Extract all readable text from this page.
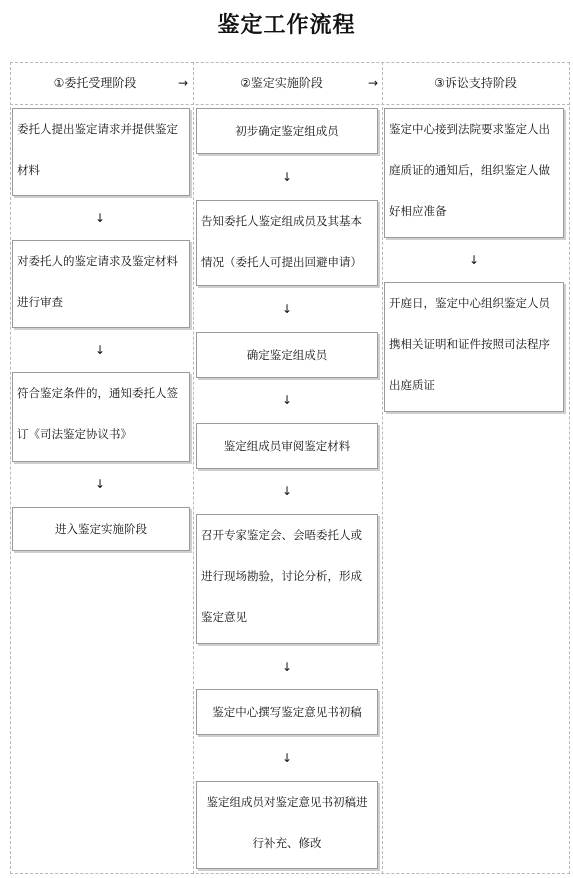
鉴定工作流程
①委托受理阶段	→	②鉴定实施阶段	→	③诉讼支持阶段
委托人提出鉴定请求并提供鉴定材料
↓
对委托人的鉴定请求及鉴定材料进行审查
↓
符合鉴定条件的，通知委托人签订《司法鉴定协议书》
↓
进入鉴定实施阶段
初步确定鉴定组成员
↓
告知委托人鉴定组成员及其基本情况（委托人可提出回避申请）
↓
确定鉴定组成员
↓
鉴定组成员审阅鉴定材料
↓
召开专家鉴定会、会晤委托人或进行现场勘验，讨论分析，形成鉴定意见
↓
鉴定中心撰写鉴定意见书初稿
↓
鉴定组成员对鉴定意见书初稿进行补充、修改
鉴定中心接到法院要求鉴定人出庭质证的通知后，组织鉴定人做好相应准备
↓
开庭日，鉴定中心组织鉴定人员携相关证明和证件按照司法程序出庭质证
